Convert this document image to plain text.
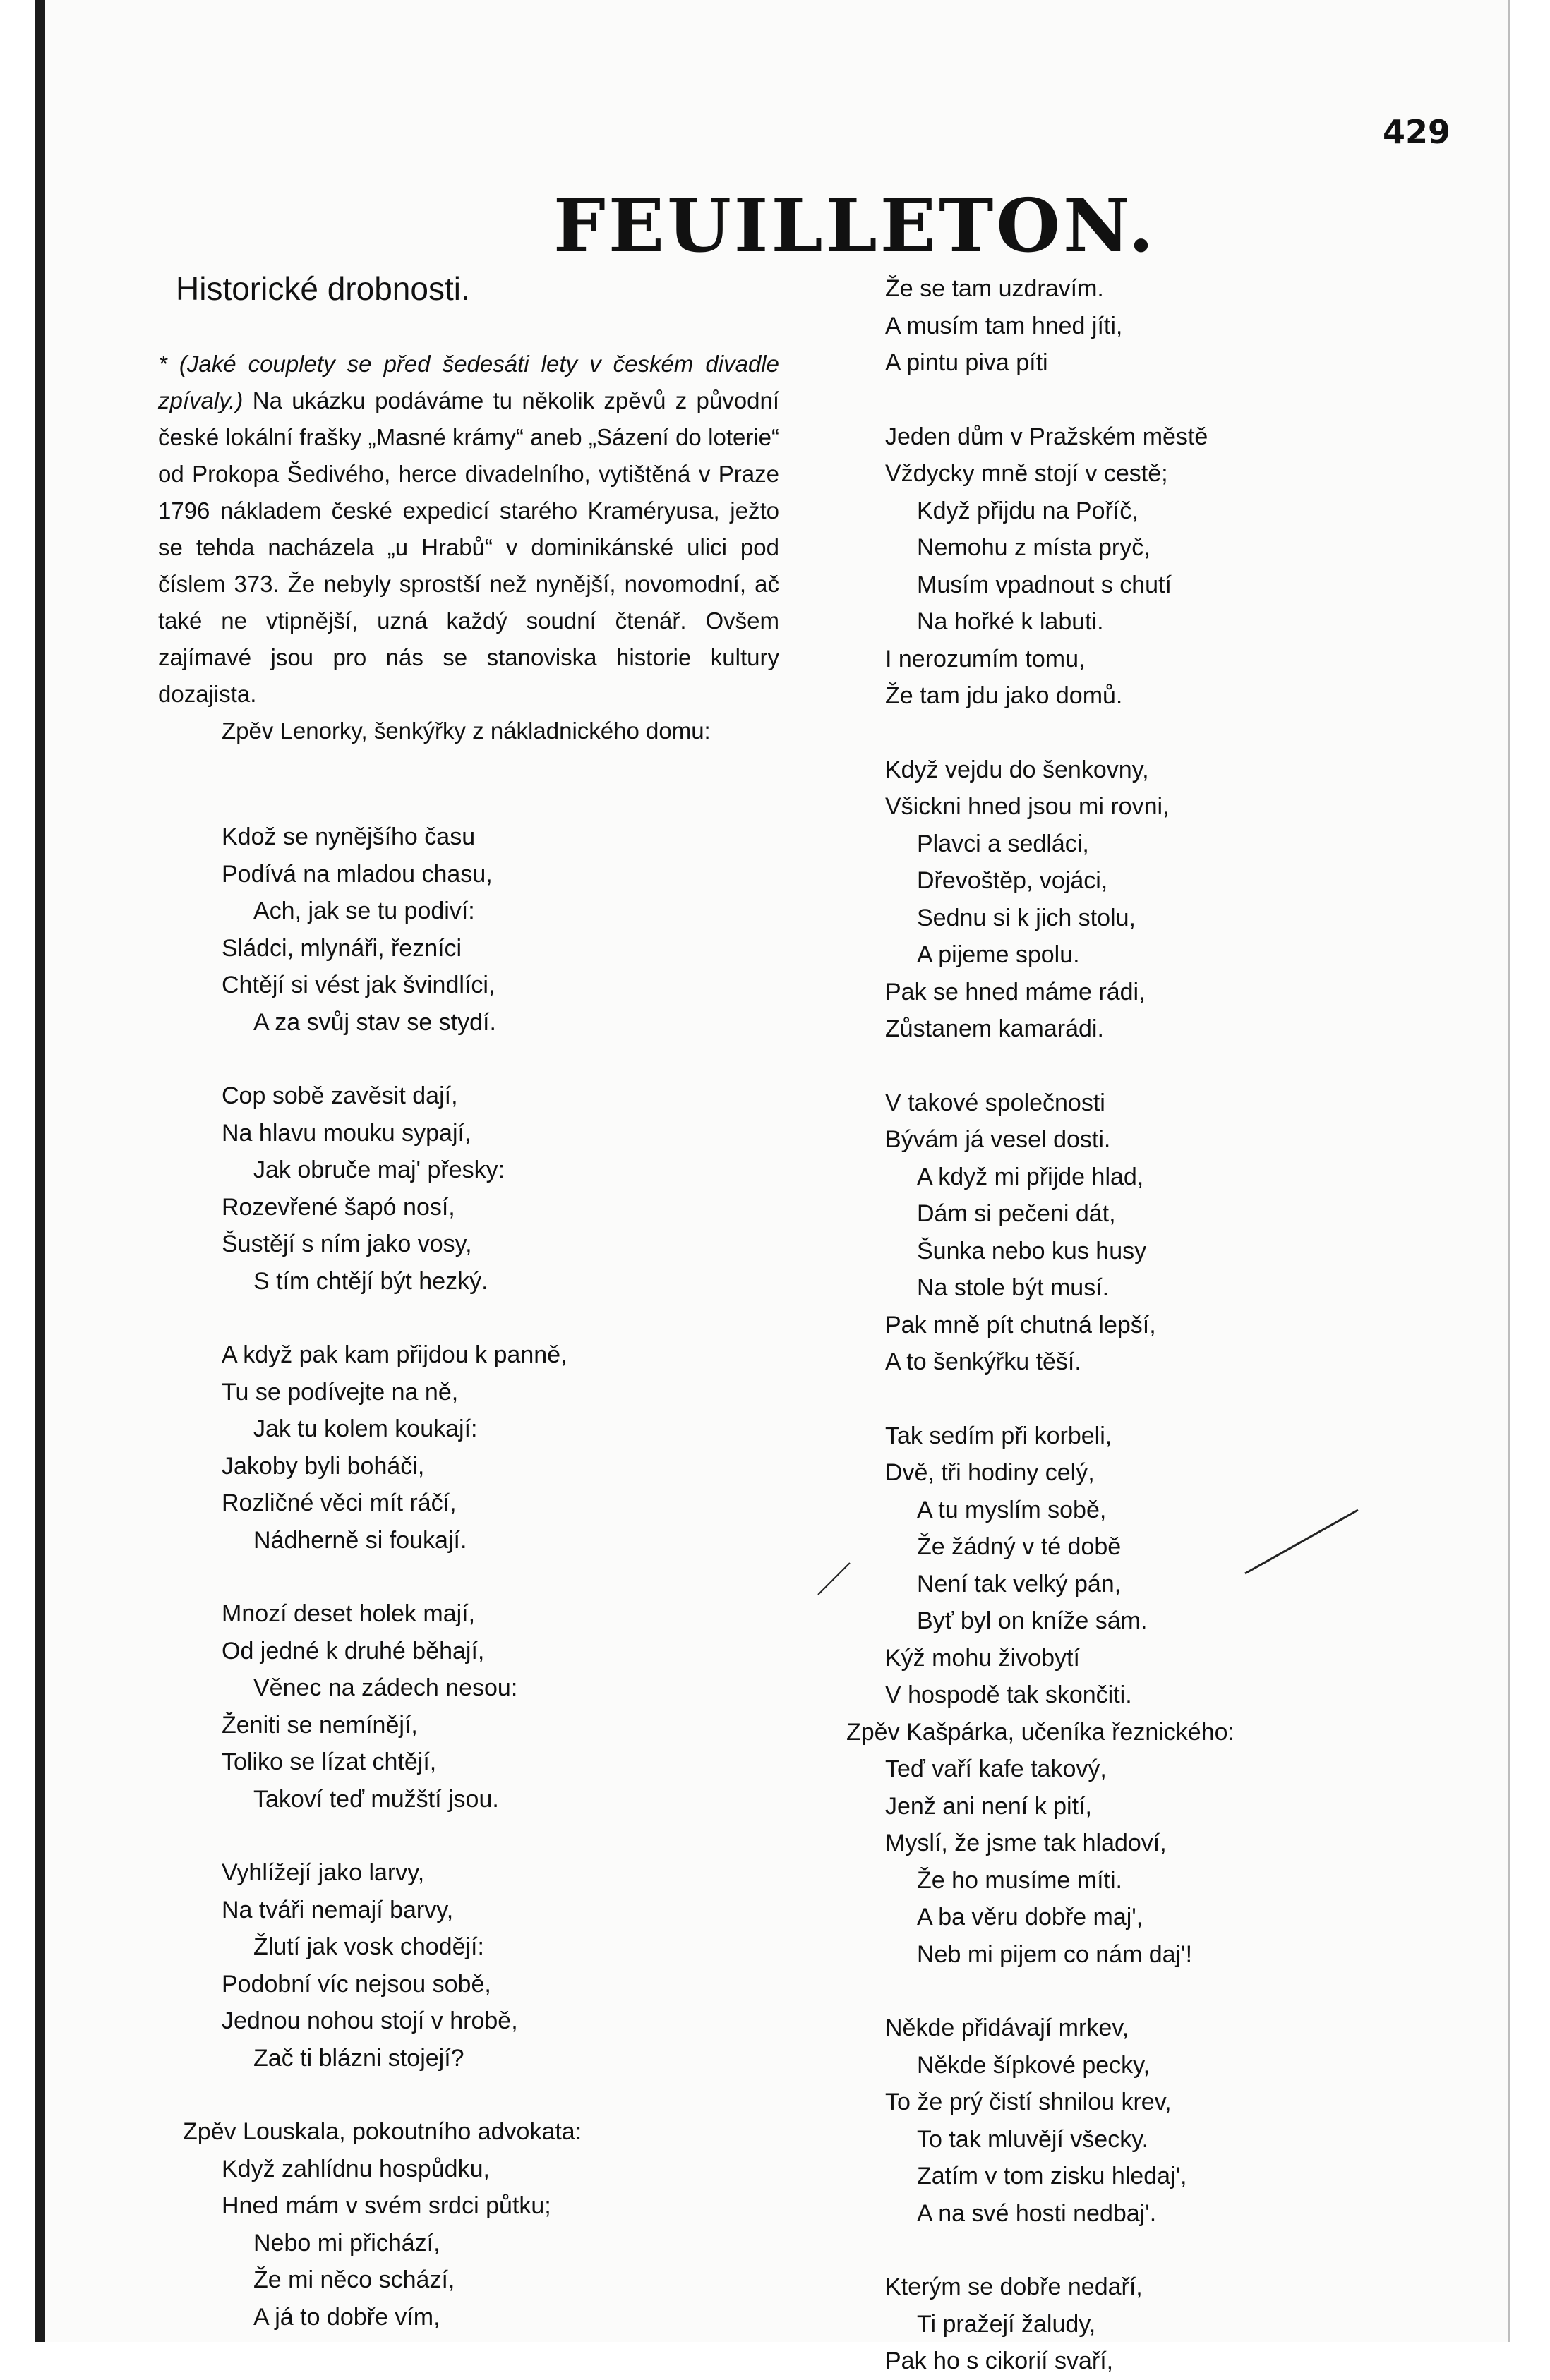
429
FEUILLETON.
Historické drobnosti.

* (Jaké couplety se před šedesáti lety v českém divadle zpívaly.) Na ukázku podáváme tu několik zpěvů z původní české lokální frašky „Masné krámy“ aneb „Sázení do loterie“ od Prokopa Šedivého, herce divadelního, vytištěná v Praze 1796 nákladem české expedicí starého Kraméryusa, ježto se tehda nacházela „u Hrabů“ v dominikánské ulici pod číslem 373. Že nebyly sprostší než nynější, novomodní, ač také ne vtipnější, uzná každý soudní čtenář. Ovšem zajímavé jsou pro nás se stanoviska historie kultury dozajista.

Zpěv Lenorky, šenkýřky z nákladnického domu:

Kdož se nynějšího času
Podívá na mladou chasu,
Ach, jak se tu podiví:
Sládci, mlynáři, řezníci
Chtějí si vést jak švindlíci,
A za svůj stav se stydí.
Cop sobě zavěsit dají,
Na hlavu mouku sypají,
Jak obruče maj' přesky:
Rozevřené šapó nosí,
Šustějí s ním jako vosy,
S tím chtějí být hezký.
A když pak kam přijdou k panně,
Tu se podívejte na ně,
Jak tu kolem koukají:
Jakoby byli boháči,
Rozličné věci mít ráčí,
Nádherně si foukají.
Mnozí deset holek mají,
Od jedné k druhé běhají,
Věnec na zádech nesou:
Ženiti se nemínějí,
Toliko se lízat chtějí,
Takoví teď mužští jsou.
Vyhlížejí jako larvy,
Na tváři nemají barvy,
Žlutí jak vosk chodějí:
Podobní víc nejsou sobě,
Jednou nohou stojí v hrobě,
Zač ti blázni stojejí?
Zpěv Louskala, pokoutního advokata:
Když zahlídnu hospůdku,
Hned mám v svém srdci půtku;
Nebo mi přichází,
Že mi něco schází,
A já to dobře vím,
Že se tam uzdravím.
A musím tam hned jíti,
A pintu piva píti
Jeden dům v Pražském městě
Vždycky mně stojí v cestě;
Když přijdu na Poříč,
Nemohu z místa pryč,
Musím vpadnout s chutí
Na hořké k labuti.
I nerozumím tomu,
Že tam jdu jako domů.
Když vejdu do šenkovny,
Všickni hned jsou mi rovni,
Plavci a sedláci,
Dřevoštěp, vojáci,
Sednu si k jich stolu,
A pijeme spolu.
Pak se hned máme rádi,
Zůstanem kamarádi.
V takové společnosti
Bývám já vesel dosti.
A když mi přijde hlad,
Dám si pečeni dát,
Šunka nebo kus husy
Na stole být musí.
Pak mně pít chutná lepší,
A to šenkýřku těší.
Tak sedím při korbeli,
Dvě, tři hodiny celý,
A tu myslím sobě,
Že žádný v té době
Není tak velký pán,
Byť byl on kníže sám.
Kýž mohu živobytí
V hospodě tak skončiti.
Zpěv Kašpárka, učeníka řeznického:
Teď vaří kafe takový,
Jenž ani není k pití,
Myslí, že jsme tak hladoví,
Že ho musíme míti.
A ba věru dobře maj',
Neb mi pijem co nám daj'!
Někde přidávají mrkev,
Někde šípkové pecky,
To že prý čistí shnilou krev,
To tak mluvějí všecky.
Zatím v tom zisku hledaj',
A na své hosti nedbaj'.
Kterým se dobře nedaří,
Ti pražejí žaludy,
Pak ho s cikorií svaří,
